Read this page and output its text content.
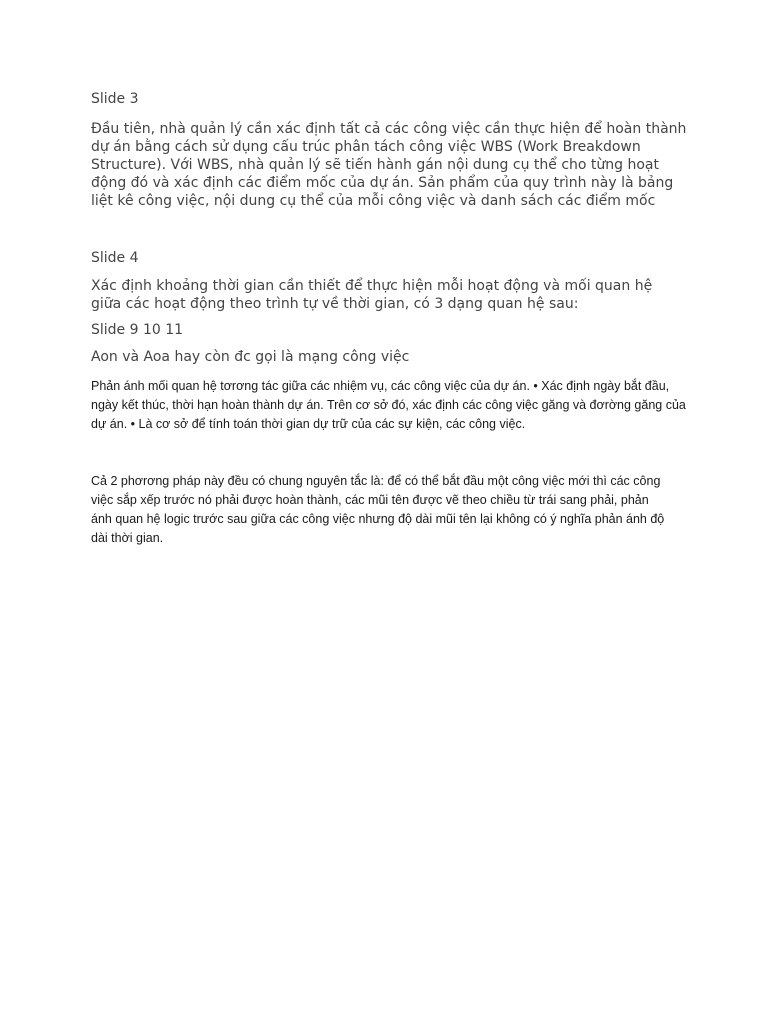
Slide 3

Đầu tiên, nhà quản lý cần xác định tất cả các công việc cần thực hiện để hoàn thành dự án bằng cách sử dụng cấu trúc phân tách công việc WBS (Work Breakdown Structure). Với WBS, nhà quản lý sẽ tiến hành gán nội dung cụ thể cho từng hoạt động đó và xác định các điểm mốc của dự án. Sản phẩm của quy trình này là bảng liệt kê công việc, nội dung cụ thể của mỗi công việc và danh sách các điểm mốc

Slide 4

Xác định khoảng thời gian cần thiết để thực hiện mỗi hoạt động và mối quan hệ giữa các hoạt động theo trình tự về thời gian, có 3 dạng quan hệ sau:

Slide 9 10 11

Aon và Aoa hay còn đc gọi là mạng công việc

Phản ánh mối quan hệ tơrơng tác giữa các nhiệm vụ, các công việc của dự án. • Xác định ngày bắt đầu, ngày kết thúc, thời hạn hoàn thành dự án. Trên cơ sở đó, xác định các công việc găng và đơrờng găng của dự án. • Là cơ sở để tính toán thời gian dự trữ của các sự kiện, các công việc.

Cả 2 phơrơng pháp này đều có chung nguyên tắc là: để có thể bắt đầu một công việc mới thì các công việc sắp xếp trước nó phải được hoàn thành, các mũi tên được vẽ theo chiều từ trái sang phải, phản ánh quan hệ logic trước sau giữa các công việc nhưng độ dài mũi tên lại không có ý nghĩa phản ánh độ dài thời gian.
